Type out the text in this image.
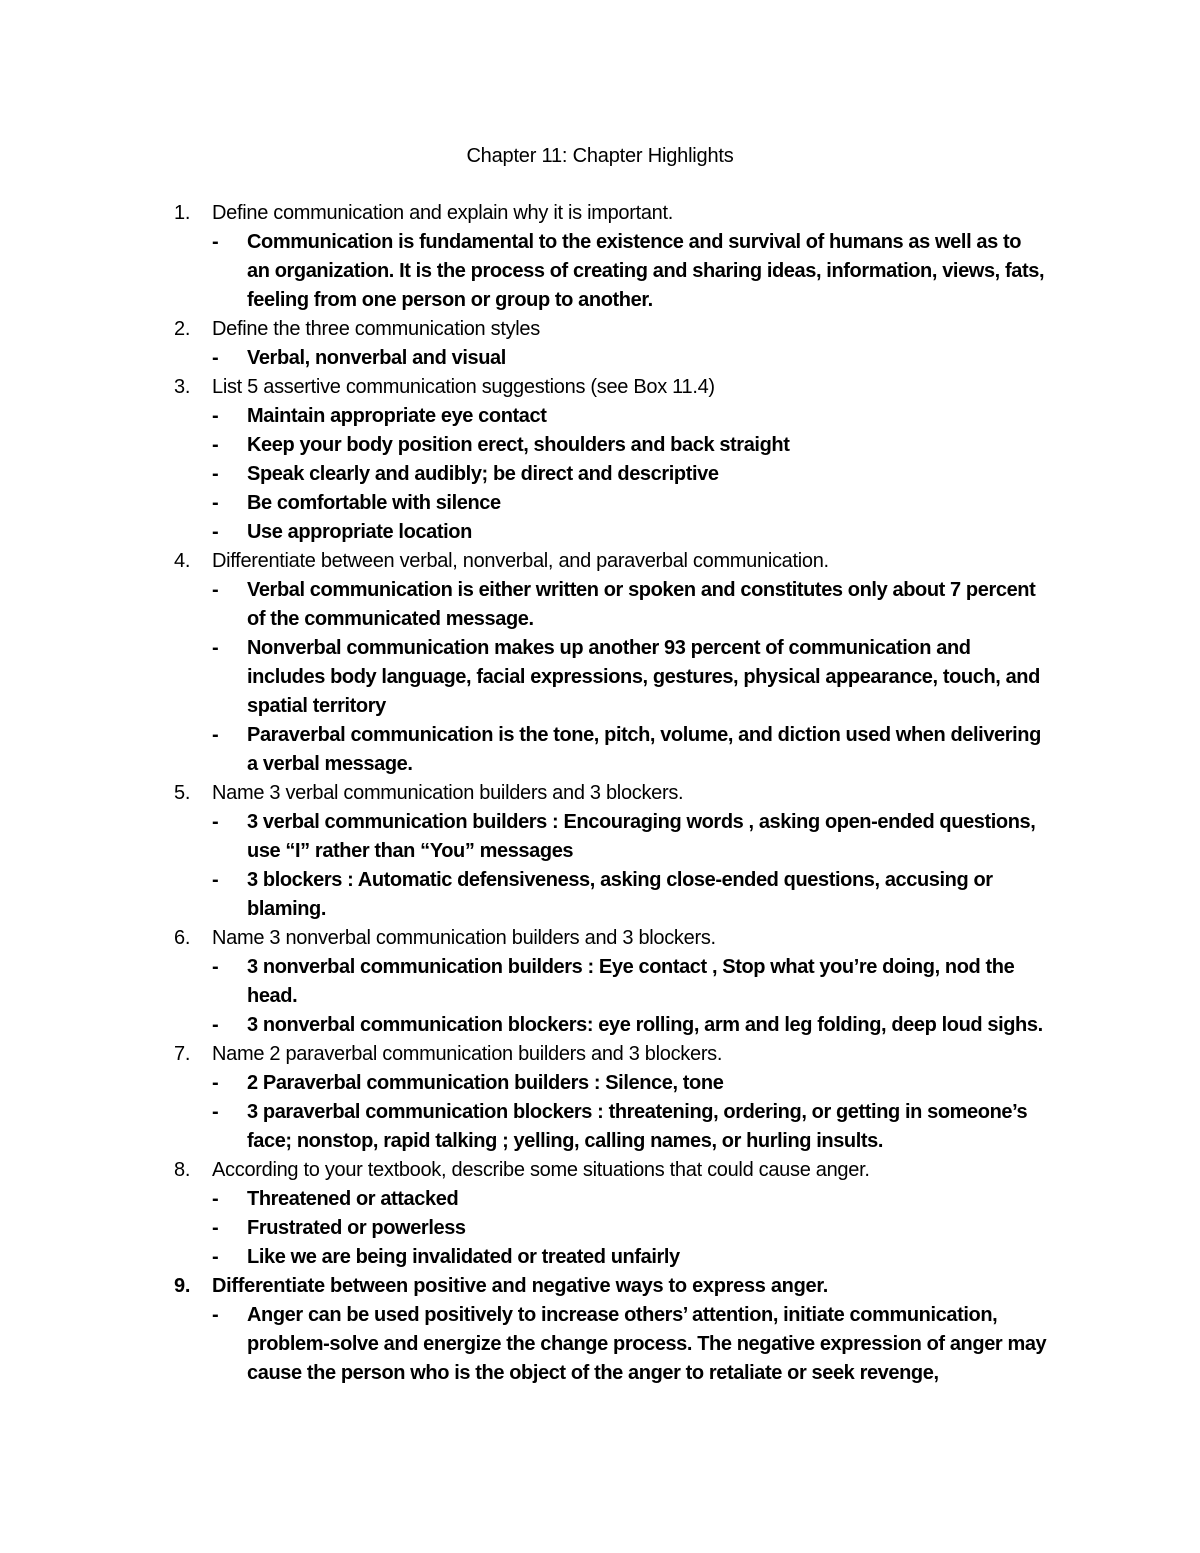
Chapter 11: Chapter Highlights
1. Define communication and explain why it is important.
- Communication is fundamental to the existence and survival of humans as well as to an organization. It is the process of creating and sharing ideas, information, views, fats, feeling from one person or group to another.
2. Define the three communication styles
- Verbal, nonverbal and visual
3. List 5 assertive communication suggestions (see Box 11.4)
- Maintain appropriate eye contact
- Keep your body position erect, shoulders and back straight
- Speak clearly and audibly; be direct and descriptive
- Be comfortable with silence
- Use appropriate location
4. Differentiate between verbal, nonverbal, and paraverbal communication.
- Verbal communication is either written or spoken and constitutes only about 7 percent of the communicated message.
- Nonverbal communication makes up another 93 percent of communication and includes body language, facial expressions, gestures, physical appearance, touch, and spatial territory
- Paraverbal communication is the tone, pitch, volume, and diction used when delivering a verbal message.
5. Name 3 verbal communication builders and 3 blockers.
- 3 verbal communication builders : Encouraging words , asking open-ended questions, use “I” rather than “You” messages
- 3 blockers : Automatic defensiveness, asking close-ended questions, accusing or blaming.
6. Name 3 nonverbal communication builders and 3 blockers.
- 3 nonverbal communication builders : Eye contact , Stop what you’re doing, nod the head.
- 3 nonverbal communication blockers: eye rolling, arm and leg folding, deep loud sighs.
7. Name 2 paraverbal communication builders and 3 blockers.
- 2 Paraverbal communication builders : Silence, tone
- 3 paraverbal communication blockers : threatening, ordering, or getting in someone’s face; nonstop, rapid talking ; yelling, calling names, or hurling insults.
8. According to your textbook, describe some situations that could cause anger.
- Threatened or attacked
- Frustrated or powerless
- Like we are being invalidated or treated unfairly
9. Differentiate between positive and negative ways to express anger.
- Anger can be used positively to increase others’ attention, initiate communication, problem-solve and energize the change process. The negative expression of anger may cause the person who is the object of the anger to retaliate or seek revenge,
